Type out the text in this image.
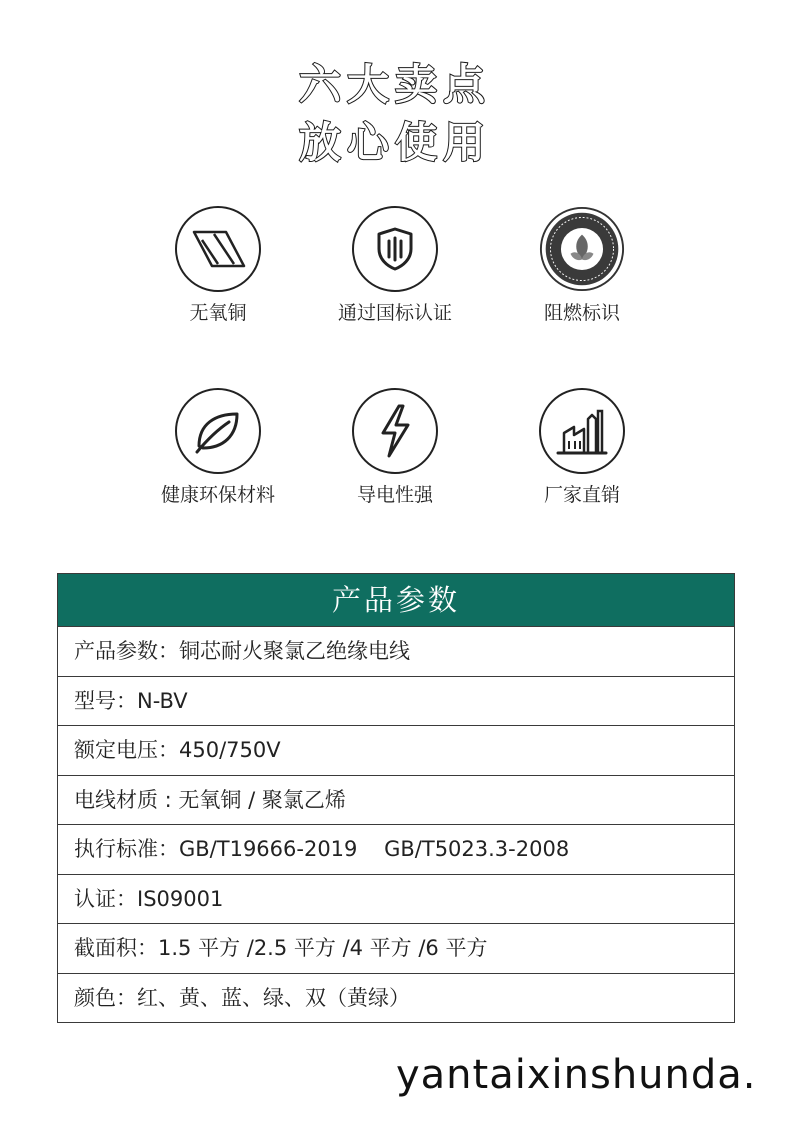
六大卖点
放心使用
无氧铜	通过国标认证	阻燃标识
健康环保材料	导电性强	厂家直销
产品参数
产品参数：铜芯耐火聚氯乙绝缘电线
型号：N-BV
额定电压：450/750V
电线材质 : 无氧铜 / 聚氯乙烯
执行标准：GB/T19666-2019    GB/T5023.3-2008
认证：IS09001
截面积：1.5 平方 /2.5 平方 /4 平方 /6 平方
颜色：红、黄、蓝、绿、双（黄绿）
yantaixinshunda.
